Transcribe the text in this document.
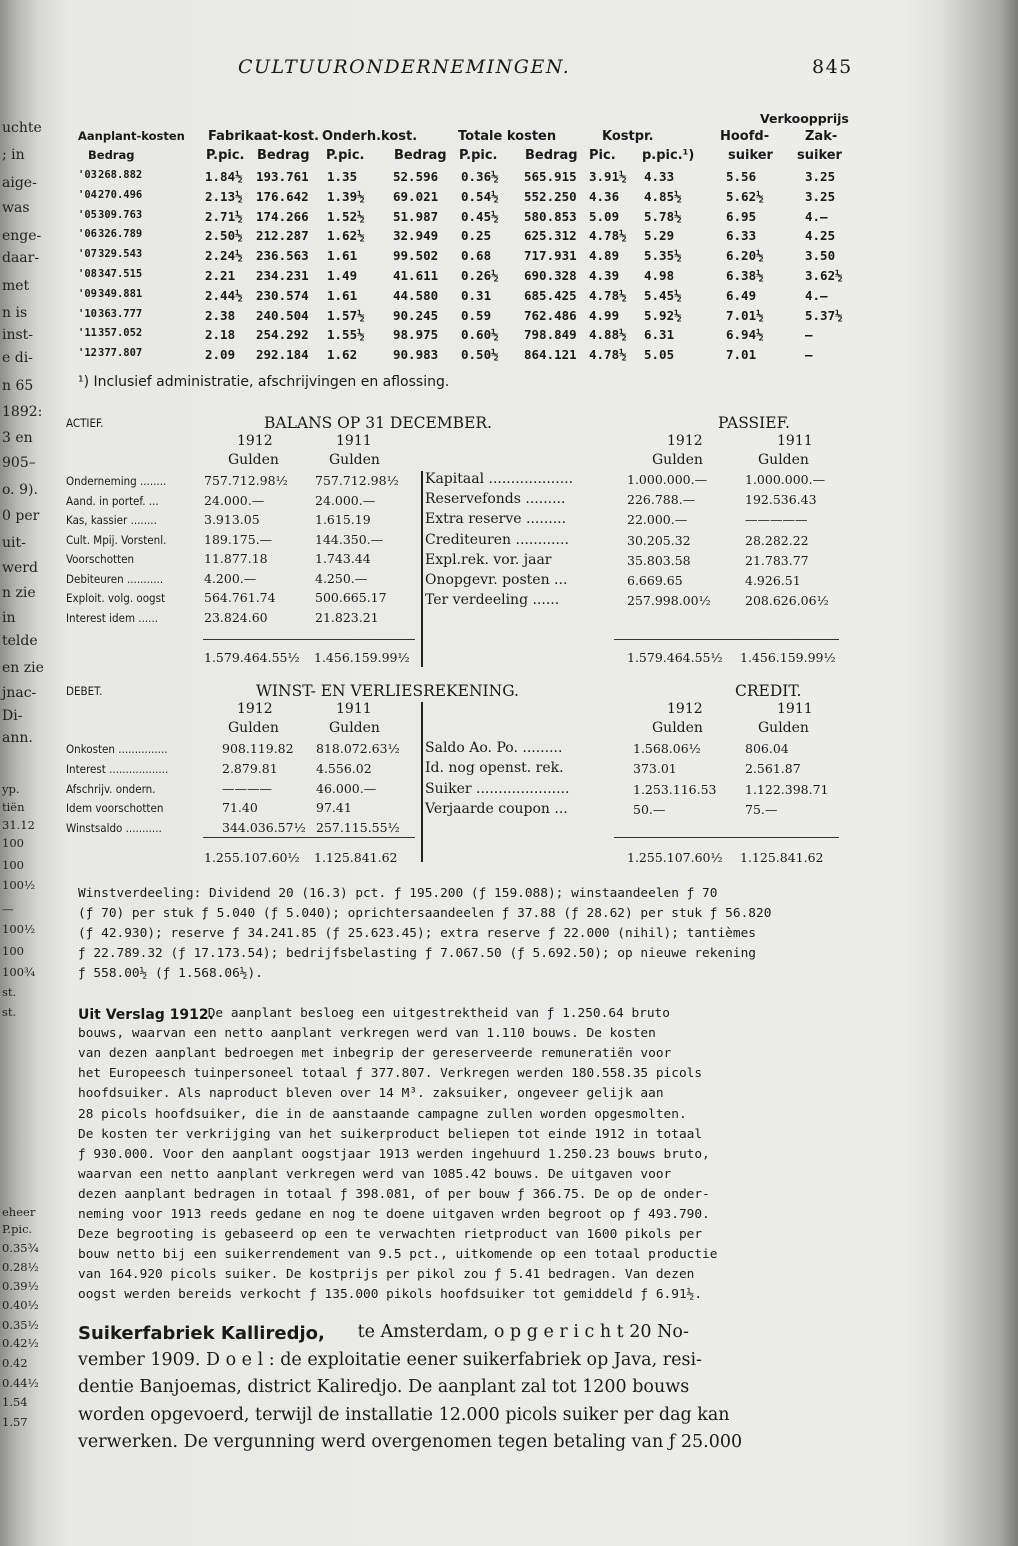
uchte
; in
aige-
was
enge-
daar-
met
n is
inst-
e di-
n 65
1892:
3 en
905–
o. 9).
0 per
uit-
werd
n zie
in
telde
en zie
jnac-
Di-
ann.
yp.
tiën
31.12
100
100
100½
—
100½
100
100¾
st.
st.
eheer
P.pic.
0.35¾
0.28½
0.39½
0.40½
0.35½
0.42½
0.42
0.44½
1.54
1.57
CULTUURONDERNEMINGEN.	845
Verkoopprijs
Aanplant-kosten Fabrikaat-kost. Onderh.kost.	Totale kosten	Kostpr.	Hoofd-	Zak-
Bedrag	P.pic. Bedrag P.pic. Bedrag P.pic. Bedrag Pic. p.pic.¹)	suiker suiker
'03 268.882	1.84½ 193.761 1.35	52.596 0.36½ 565.915 3.91½ 4.33	5.56	3.25
'04 270.496	2.13½ 176.642 1.39½ 69.021 0.54½ 552.250 4.36 4.85½	5.62½	3.25
'05 309.763	2.71½ 174.266 1.52½ 51.987 0.45½ 580.853 5.09 5.78½	6.95	4.—
'06 326.789	2.50½ 212.287 1.62½ 32.949 0.25	625.312 4.78½ 5.29	6.33	4.25
'07 329.543	2.24½ 236.563 1.61	99.502 0.68	717.931 4.89 5.35½	6.20½	3.50
'08 347.515	2.21 234.231 1.49	41.611 0.26½ 690.328 4.39 4.98	6.38½	3.62½
'09 349.881	2.44½ 230.574 1.61	44.580 0.31	685.425 4.78½ 5.45½	6.49	4.—
'10 363.777	2.38 240.504 1.57½ 90.245 0.59	762.486 4.99 5.92½	7.01½	5.37½
'11 357.052	2.18 254.292 1.55½ 98.975 0.60½ 798.849 4.88½ 6.31	6.94½	—
'12 377.807	2.09 292.184 1.62	90.983 0.50½ 864.121 4.78½ 5.05	7.01	—
¹) Inclusief administratie, afschrijvingen en aflossing.
ACTIEF.	BALANS OP 31 DECEMBER.	PASSIEF.
1912	1911	1912	1911
Gulden	Gulden	Gulden	Gulden
Onderneming ........	757.712.98½ 757.712.98½
Aand. in portef. ...	24.000.—	24.000.—
Kas, kassier ........	3.913.05	1.615.19
Cult. Mpij. Vorstenl.	189.175.—	144.350.—
Voorschotten	11.877.18	1.743.44
Debiteuren ...........	4.200.—	4.250.—
Exploit. volg. oogst	564.761.74	500.665.17
Interest idem ......	23.824.60	21.823.21
Kapitaal ...................	1.000.000.—	1.000.000.—
Reservefonds .........	226.788.—	192.536.43
Extra reserve .........	22.000.—	—————
Crediteuren ............	30.205.32	28.282.22
Expl.rek. vor. jaar	35.803.58	21.783.77
Onopgevr. posten ...	6.669.65	4.926.51
Ter verdeeling ......	257.998.00½	208.626.06½
1.579.464.55½ 1.456.159.99½	1.579.464.55½ 1.456.159.99½
DEBET.	WINST- EN VERLIESREKENING.	CREDIT.
1912	1911	1912	1911
Gulden	Gulden	Gulden	Gulden
Onkosten ...............	908.119.82 818.072.63½
Interest ..................	2.879.81	4.556.02
Afschrijv. ondern.	————	46.000.—
Idem voorschotten	71.40	97.41
Winstsaldo ...........	344.036.57½ 257.115.55½
Saldo Ao. Po. .........	1.568.06½	806.04
Id. nog openst. rek.	373.01	2.561.87
Suiker .....................	1.253.116.53 1.122.398.71
Verjaarde coupon ...	50.—	75.—
1.255.107.60½ 1.125.841.62	1.255.107.60½ 1.125.841.62
Winstverdeeling: Dividend 20 (16.3) pct. ƒ 195.200 (ƒ 159.088); winstaandeelen ƒ 70
(ƒ 70) per stuk ƒ 5.040 (ƒ 5.040); oprichtersaandeelen ƒ 37.88 (ƒ 28.62) per stuk ƒ 56.820
(ƒ 42.930); reserve ƒ 34.241.85 (ƒ 25.623.45); extra reserve ƒ 22.000 (nihil); tantièmes
ƒ 22.789.32 (ƒ 17.173.54); bedrijfsbelasting ƒ 7.067.50 (ƒ 5.692.50); op nieuwe rekening
ƒ 558.00½ (ƒ 1.568.06½).
Uit Verslag 1912.
De aanplant besloeg een uitgestrektheid van ƒ 1.250.64 bruto
bouws, waarvan een netto aanplant verkregen werd van 1.110 bouws. De kosten
van dezen aanplant bedroegen met inbegrip der gereserveerde remuneratiën voor
het Europeesch tuinpersoneel totaal ƒ 377.807. Verkregen werden 180.558.35 picols
hoofdsuiker. Als naproduct bleven over 14 M³. zaksuiker, ongeveer gelijk aan
28 picols hoofdsuiker, die in de aanstaande campagne zullen worden opgesmolten.
De kosten ter verkrijging van het suikerproduct beliepen tot einde 1912 in totaal
ƒ 930.000. Voor den aanplant oogstjaar 1913 werden ingehuurd 1.250.23 bouws bruto,
waarvan een netto aanplant verkregen werd van 1085.42 bouws. De uitgaven voor
dezen aanplant bedragen in totaal ƒ 398.081, of per bouw ƒ 366.75. De op de onder-
neming voor 1913 reeds gedane en nog te doene uitgaven wrden begroot op ƒ 493.790.
Deze begrooting is gebaseerd op een te verwachten rietproduct van 1600 pikols per
bouw netto bij een suikerrendement van 9.5 pct., uitkomende op een totaal productie
van 164.920 picols suiker. De kostprijs per pikol zou ƒ 5.41 bedragen. Van dezen
oogst werden bereids verkocht ƒ 135.000 pikols hoofdsuiker tot gemiddeld ƒ 6.91½.
Suikerfabriek Kalliredjo, te Amsterdam, o p g e r i c h t 20 No-
vember 1909. D o e l : de exploitatie eener suikerfabriek op Java, resi-
dentie Banjoemas, district Kaliredjo. De aanplant zal tot 1200 bouws
worden opgevoerd, terwijl de installatie 12.000 picols suiker per dag kan
verwerken. De vergunning werd overgenomen tegen betaling van ƒ 25.000
